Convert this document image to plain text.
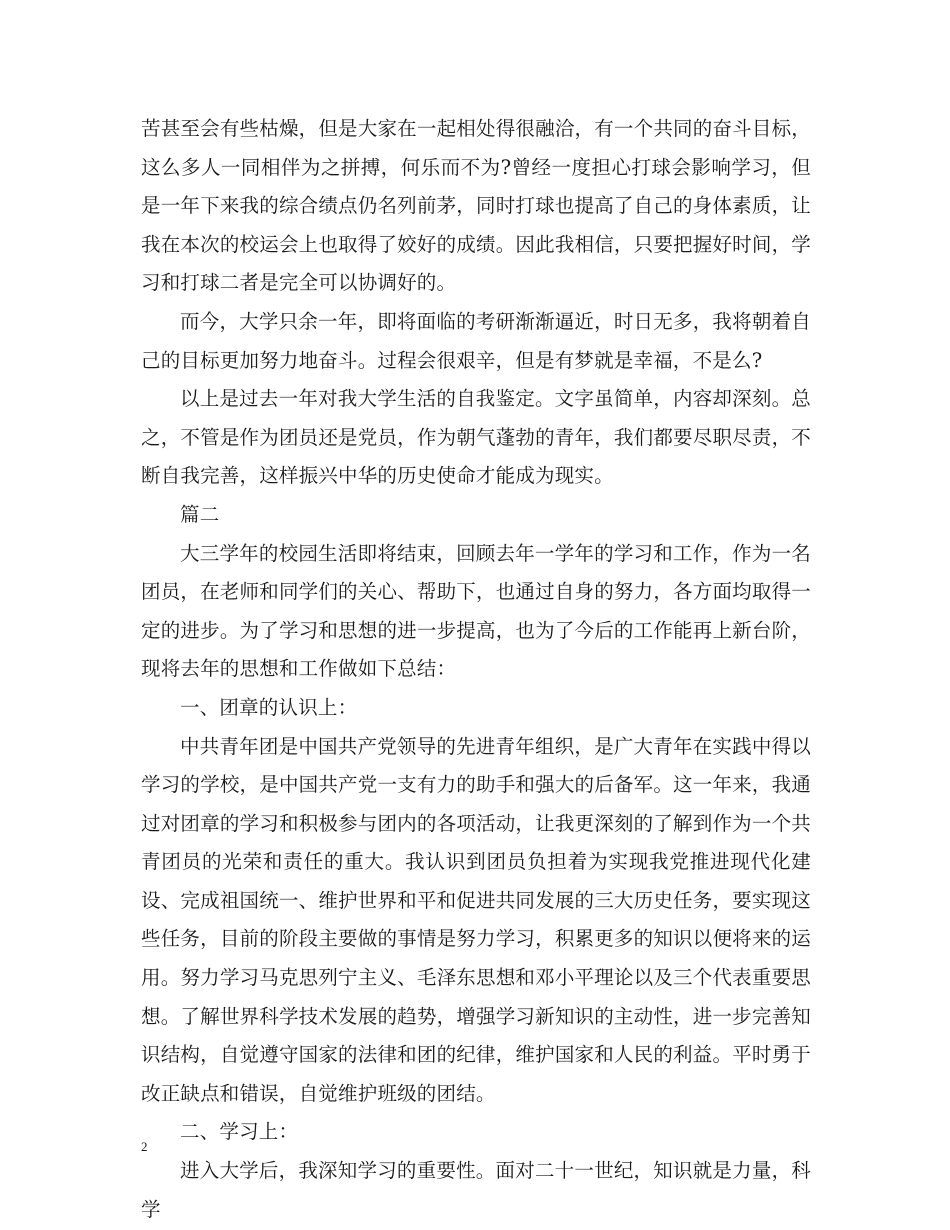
苦甚至会有些枯燥，但是大家在一起相处得很融洽，有一个共同的奋斗目标，这么多人一同相伴为之拼搏，何乐而不为?曾经一度担心打球会影响学习，但是一年下来我的综合绩点仍名列前茅，同时打球也提高了自己的身体素质，让我在本次的校运会上也取得了姣好的成绩。因此我相信，只要把握好时间，学习和打球二者是完全可以协调好的。

而今，大学只余一年，即将面临的考研渐渐逼近，时日无多，我将朝着自己的目标更加努力地奋斗。过程会很艰辛，但是有梦就是幸福，不是么?

以上是过去一年对我大学生活的自我鉴定。文字虽简单，内容却深刻。总之，不管是作为团员还是党员，作为朝气蓬勃的青年，我们都要尽职尽责，不断自我完善，这样振兴中华的历史使命才能成为现实。

篇二

大三学年的校园生活即将结束，回顾去年一学年的学习和工作，作为一名团员，在老师和同学们的关心、帮助下，也通过自身的努力，各方面均取得一定的进步。为了学习和思想的进一步提高，也为了今后的工作能再上新台阶，现将去年的思想和工作做如下总结：

一、团章的认识上：

中共青年团是中国共产党领导的先进青年组织，是广大青年在实践中得以学习的学校，是中国共产党一支有力的助手和强大的后备军。这一年来，我通过对团章的学习和积极参与团内的各项活动，让我更深刻的了解到作为一个共青团员的光荣和责任的重大。我认识到团员负担着为实现我党推进现代化建设、完成祖国统一、维护世界和平和促进共同发展的三大历史任务，要实现这些任务，目前的阶段主要做的事情是努力学习，积累更多的知识以便将来的运用。努力学习马克思列宁主义、毛泽东思想和邓小平理论以及三个代表重要思想。了解世界科学技术发展的趋势，增强学习新知识的主动性，进一步完善知识结构，自觉遵守国家的法律和团的纪律，维护国家和人民的利益。平时勇于改正缺点和错误，自觉维护班级的团结。

二、学习上：

进入大学后，我深知学习的重要性。面对二十一世纪，知识就是力量，科学

2
